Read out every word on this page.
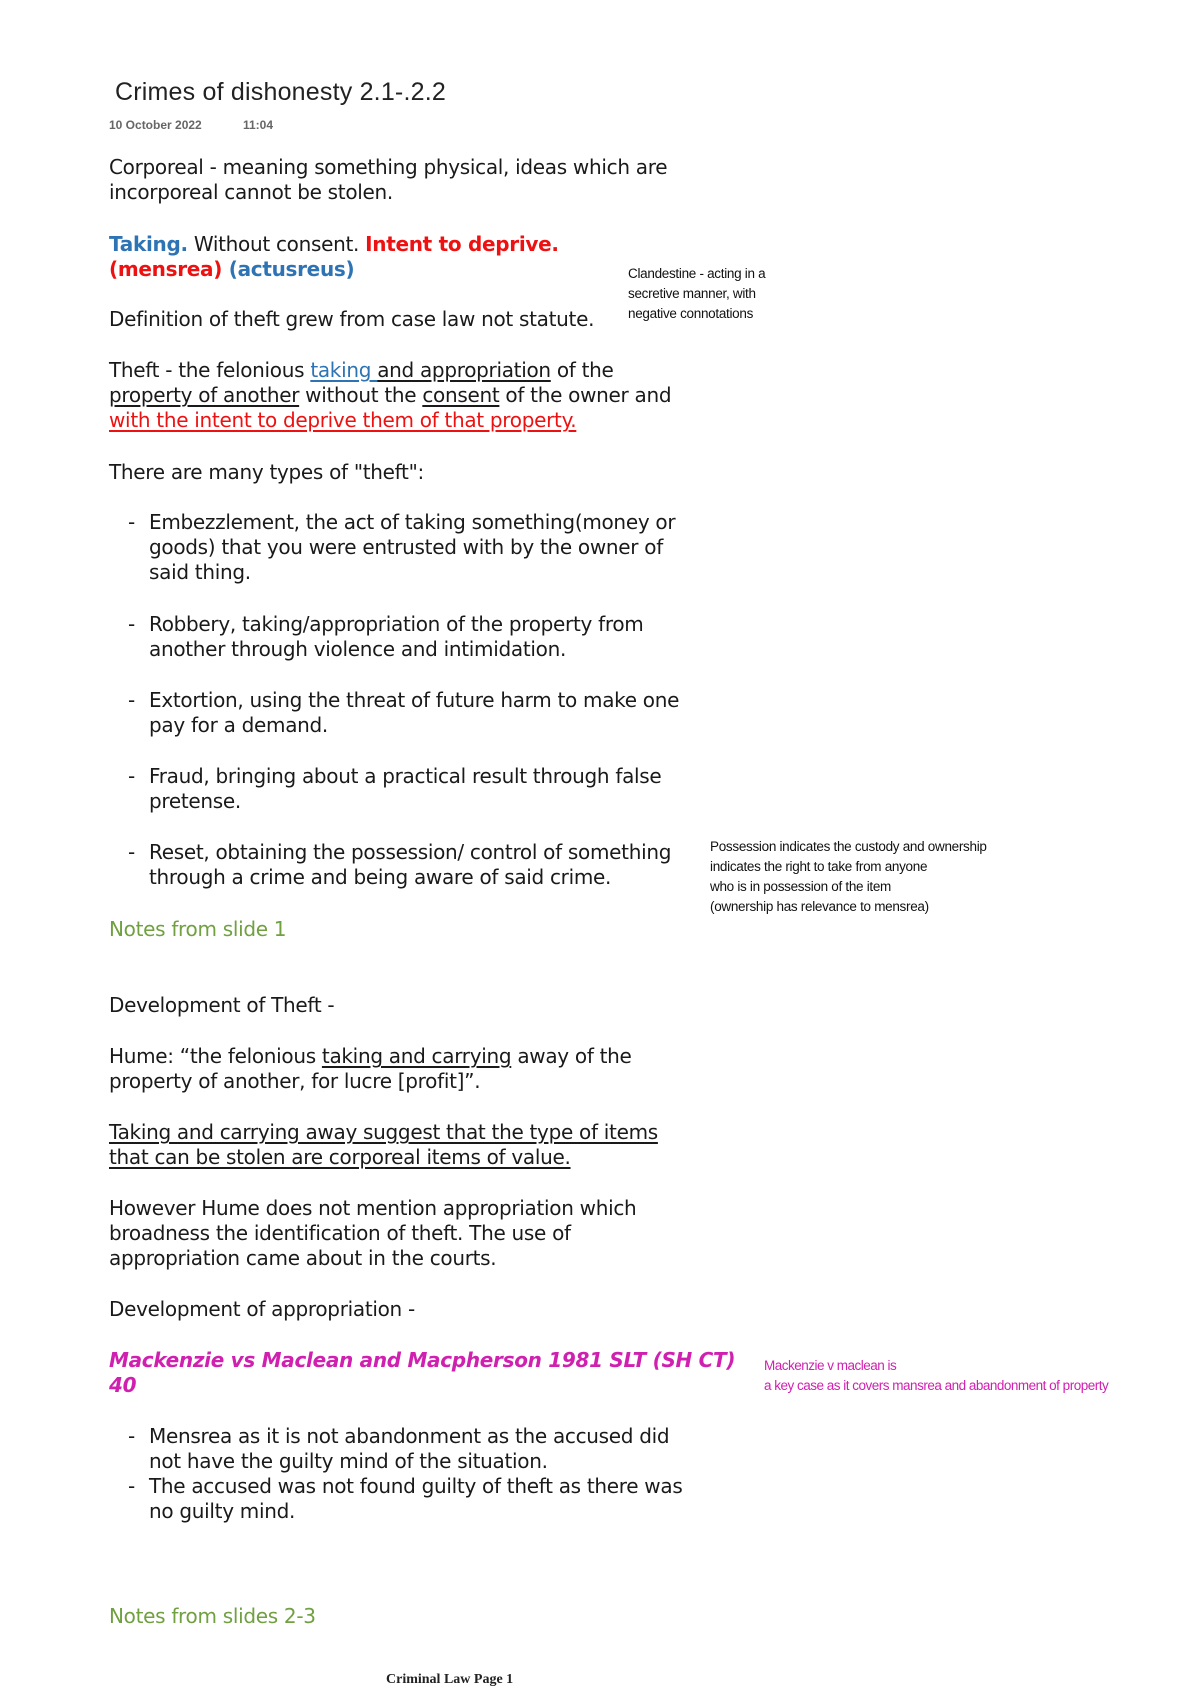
Crimes of dishonesty 2.1-.2.2
10 October 2022	11:04
Corporeal - meaning something physical, ideas which are
incorporeal cannot be stolen.
Taking. Without consent. Intent to deprive.
(mensrea) (actusreus)
Definition of theft grew from case law not statute.
Theft - the felonious taking and appropriation of the
property of another without the consent of the owner and
with the intent to deprive them of that property.
There are many types of "theft":
- Embezzlement, the act of taking something(money or
goods) that you were entrusted with by the owner of
said thing.
- Robbery, taking/appropriation of the property from
another through violence and intimidation.
- Extortion, using the threat of future harm to make one
pay for a demand.
- Fraud, bringing about a practical result through false
pretense.
- Reset, obtaining the possession/ control of something
through a crime and being aware of said crime.
Notes from slide 1
Development of Theft -
Hume: “the felonious taking and carrying away of the
property of another, for lucre [profit]”.
Taking and carrying away suggest that the type of items
that can be stolen are corporeal items of value.
However Hume does not mention appropriation which
broadness the identification of theft. The use of
appropriation came about in the courts.
Development of appropriation -
Mackenzie vs Maclean and Macpherson 1981 SLT (SH CT)
40
- Mensrea as it is not abandonment as the accused did
not have the guilty mind of the situation.
- The accused was not found guilty of theft as there was
no guilty mind.
Notes from slides 2-3
Clandestine - acting in a
secretive manner, with
negative connotations
Possession indicates the custody and ownership
indicates the right to take from anyone
who is in possession of the item
(ownership has relevance to mensrea)
Mackenzie v maclean is
a key case as it covers mansrea and abandonment of property
Criminal Law Page 1
